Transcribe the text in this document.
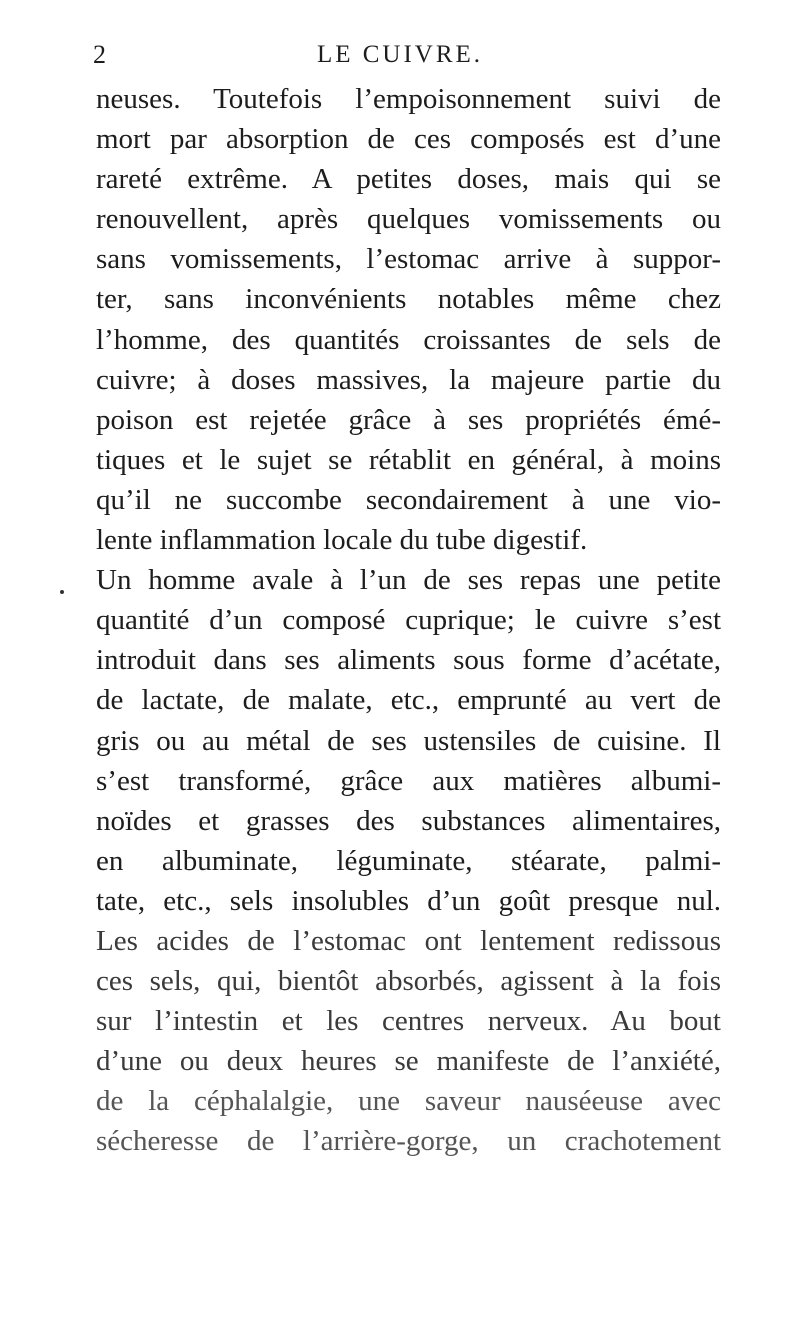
2	LE CUIVRE.
neuses. Toutefois l’empoisonnement suivi de
mort par absorption de ces composés est d’une
rareté extrême. A petites doses, mais qui se
renouvellent, après quelques vomissements ou
sans vomissements, l’estomac arrive à suppor-
ter, sans inconvénients notables même chez
l’homme, des quantités croissantes de sels de
cuivre; à doses massives, la majeure partie du
poison est rejetée grâce à ses propriétés émé-
tiques et le sujet se rétablit en général, à moins
qu’il ne succombe secondairement à une vio-
lente inflammation locale du tube digestif.
Un homme avale à l’un de ses repas une petite
quantité d’un composé cuprique; le cuivre s’est
introduit dans ses aliments sous forme d’acétate,
de lactate, de malate, etc., emprunté au vert de
gris ou au métal de ses ustensiles de cuisine. Il
s’est transformé, grâce aux matières albumi-
noïdes et grasses des substances alimentaires,
en albuminate, léguminate, stéarate, palmi-
tate, etc., sels insolubles d’un goût presque nul.
Les acides de l’estomac ont lentement redissous
ces sels, qui, bientôt absorbés, agissent à la fois
sur l’intestin et les centres nerveux. Au bout
d’une ou deux heures se manifeste de l’anxiété,
de la céphalalgie, une saveur nauséeuse avec
sécheresse de l’arrière-gorge, un crachotement
